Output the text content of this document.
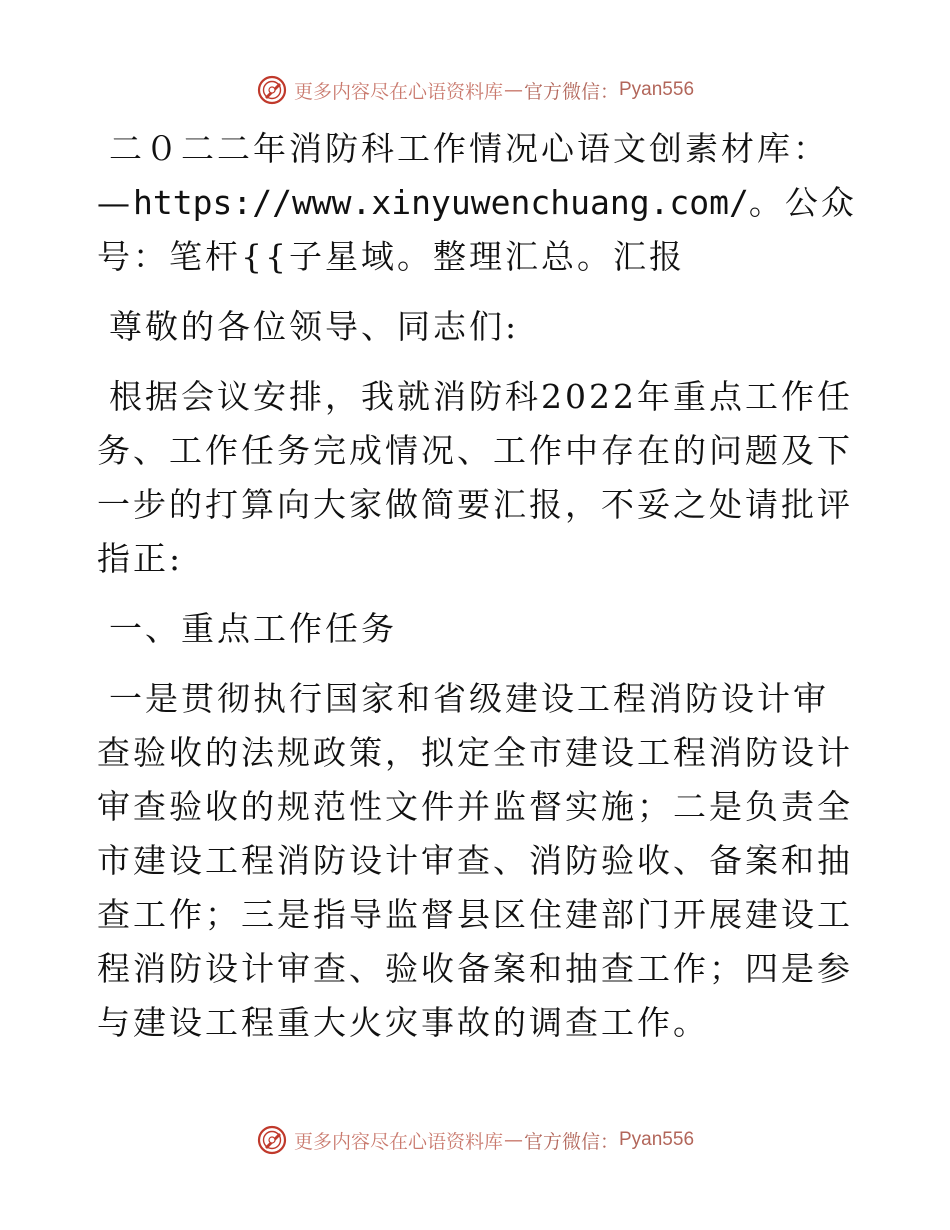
更多内容尽在心语资料库 — 官方微信： Pyan556

二０二二年消防科工作情况心语文创素材库：—https://www.xinyuwenchuang.com/。公众号：笔杆{{子星域。整理汇总。汇报

尊敬的各位领导、同志们:

根据会议安排，我就消防科2022年重点工作任务、工作任务完成情况、工作中存在的问题及下一步的打算向大家做简要汇报，不妥之处请批评指正:

一、重点工作任务

一是贯彻执行国家和省级建设工程消防设计审查验收的法规政策，拟定全市建设工程消防设计审查验收的规范性文件并监督实施；二是负责全市建设工程消防设计审查、消防验收、备案和抽查工作；三是指导监督县区住建部门开展建设工程消防设计审查、验收备案和抽查工作；四是参与建设工程重大火灾事故的调查工作。

更多内容尽在心语资料库 — 官方微信： Pyan556
